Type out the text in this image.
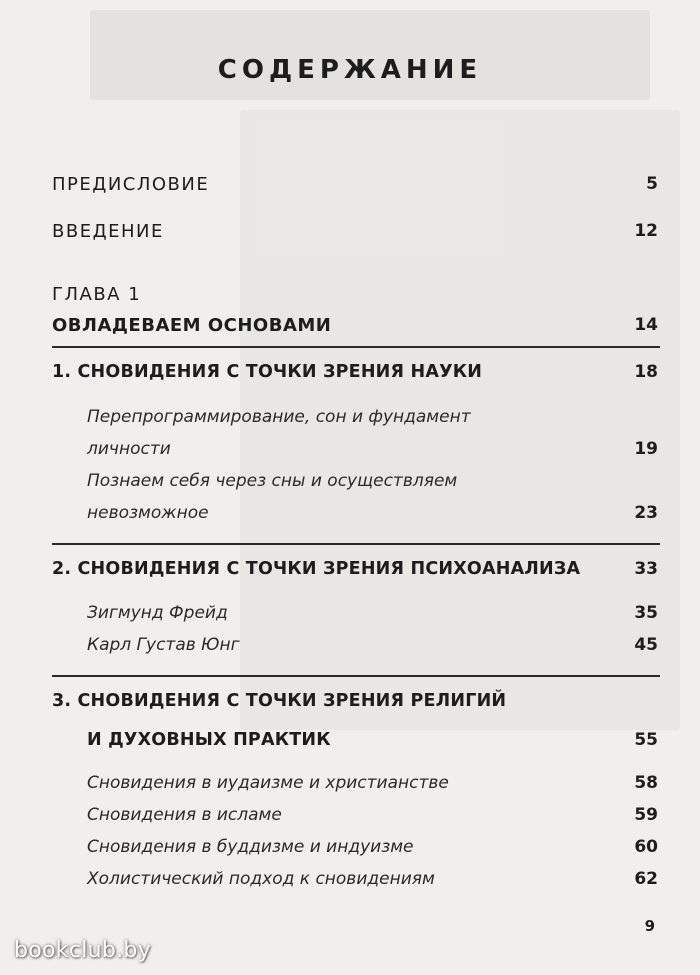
СОДЕРЖАНИЕ
ПРЕДИСЛОВИЕ	5
ВВЕДЕНИЕ	12
ГЛАВА 1
ОВЛАДЕВАЕМ ОСНОВАМИ	14
1. СНОВИДЕНИЯ С ТОЧКИ ЗРЕНИЯ НАУКИ	18
Перепрограммирование, сон и фундамент
личности	19
Познаем себя через сны и осуществляем
невозможное	23
2. СНОВИДЕНИЯ С ТОЧКИ ЗРЕНИЯ ПСИХОАНАЛИЗА	33
Зигмунд Фрейд	35
Карл Густав Юнг	45
3. СНОВИДЕНИЯ С ТОЧКИ ЗРЕНИЯ РЕЛИГИЙ
И ДУХОВНЫХ ПРАКТИК	55
Сновидения в иудаизме и христианстве	58
Сновидения в исламе	59
Сновидения в буддизме и индуизме	60
Холистический подход к сновидениям	62
9
bookclub.by
